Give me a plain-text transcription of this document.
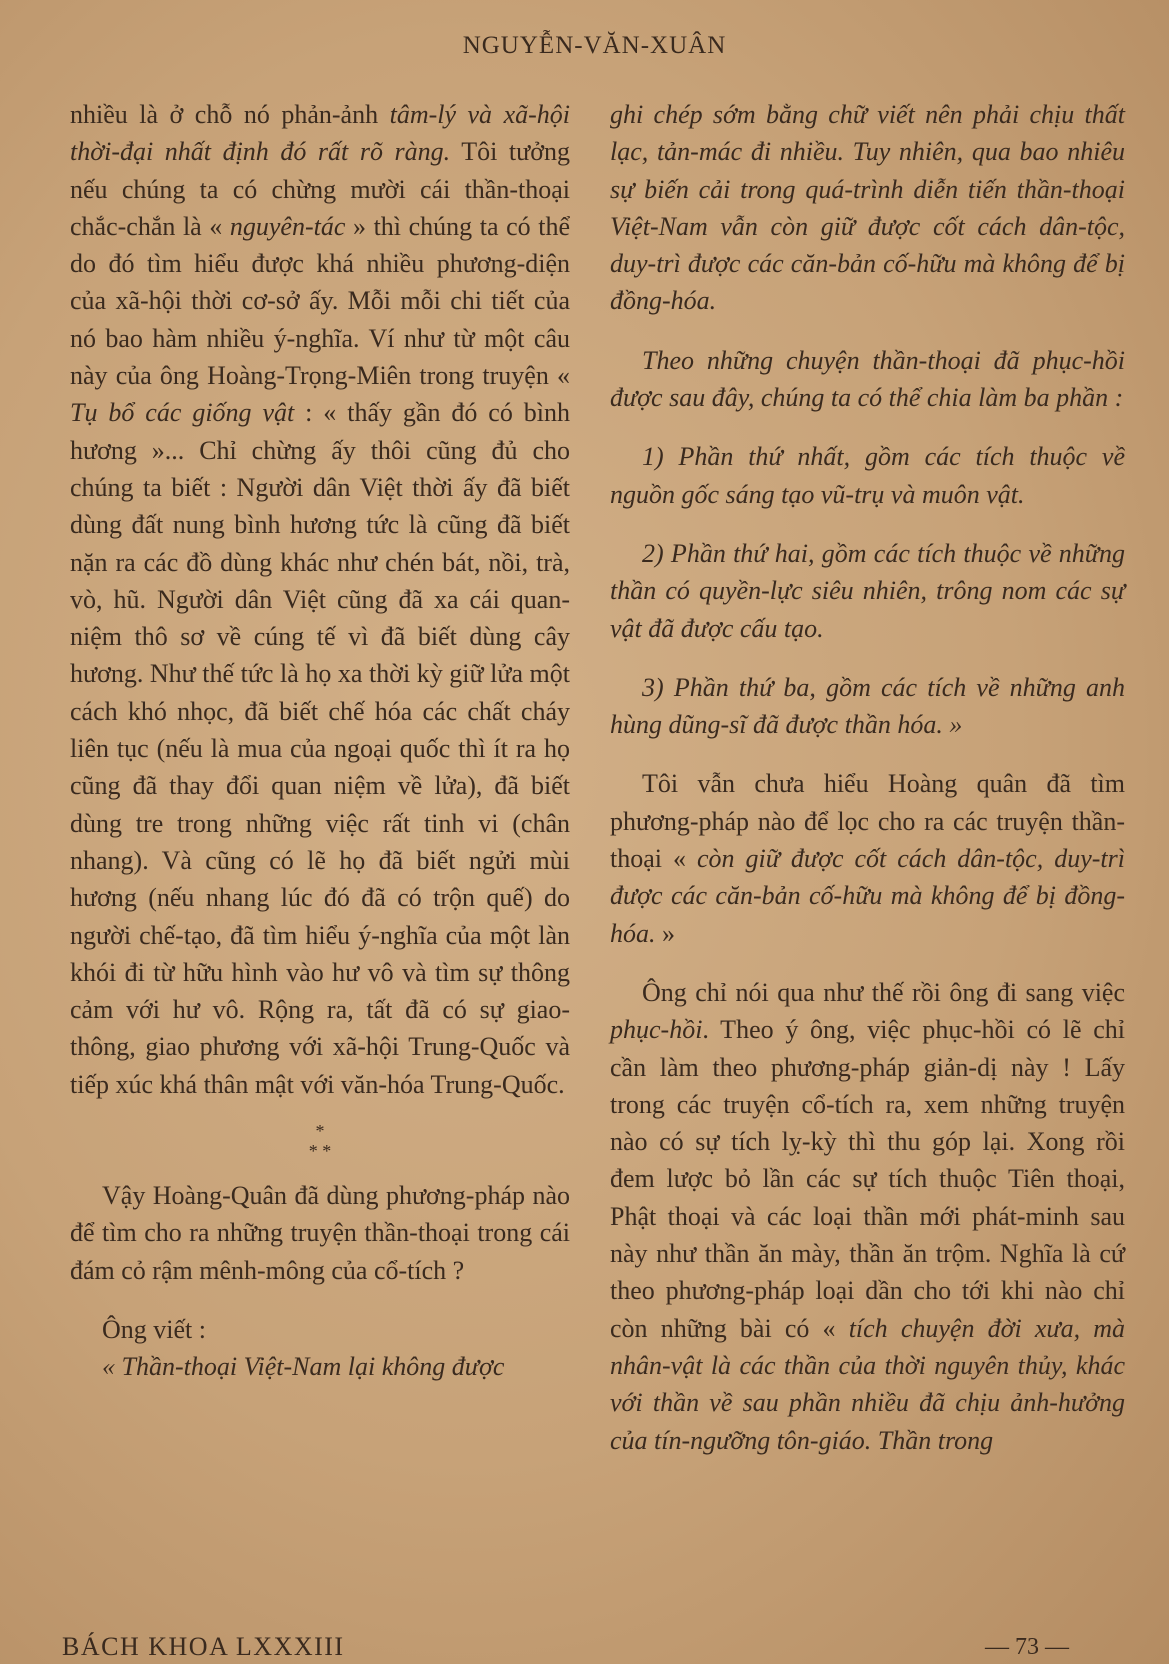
NGUYỄN-VĂN-XUÂN

nhiều là ở chỗ nó phản-ảnh tâm-lý và xã-hội thời-đại nhất định đó rất rõ ràng. Tôi tưởng nếu chúng ta có chừng mười cái thần-thoại chắc-chắn là « nguyên-tác » thì chúng ta có thể do đó tìm hiểu được khá nhiều phương-diện của xã-hội thời cơ-sở ấy. Mỗi mỗi chi tiết của nó bao hàm nhiều ý-nghĩa. Ví như từ một câu này của ông Hoàng-Trọng-Miên trong truyện « Tụ bổ các giống vật : « thấy gần đó có bình hương »... Chỉ chừng ấy thôi cũng đủ cho chúng ta biết : Người dân Việt thời ấy đã biết dùng đất nung bình hương tức là cũng đã biết nặn ra các đồ dùng khác như chén bát, nồi, trà, vò, hũ. Người dân Việt cũng đã xa cái quan-niệm thô sơ về cúng tế vì đã biết dùng cây hương. Như thế tức là họ xa thời kỳ giữ lửa một cách khó nhọc, đã biết chế hóa các chất cháy liên tục (nếu là mua của ngoại quốc thì ít ra họ cũng đã thay đổi quan niệm về lửa), đã biết dùng tre trong những việc rất tinh vi (chân nhang). Và cũng có lẽ họ đã biết ngửi mùi hương (nếu nhang lúc đó đã có trộn quế) do người chế-tạo, đã tìm hiểu ý-nghĩa của một làn khói đi từ hữu hình vào hư vô và tìm sự thông cảm với hư vô. Rộng ra, tất đã có sự giao-thông, giao phương với xã-hội Trung-Quốc và tiếp xúc khá thân mật với văn-hóa Trung-Quốc.

*
* *

Vậy Hoàng-Quân đã dùng phương-pháp nào để tìm cho ra những truyện thần-thoại trong cái đám cỏ rậm mênh-mông của cổ-tích ?

Ông viết :

« Thần-thoại Việt-Nam lại không được

ghi chép sớm bằng chữ viết nên phải chịu thất lạc, tản-mác đi nhiều. Tuy nhiên, qua bao nhiêu sự biến cải trong quá-trình diễn tiến thần-thoại Việt-Nam vẫn còn giữ được cốt cách dân-tộc, duy-trì được các căn-bản cố-hữu mà không để bị đồng-hóa.

Theo những chuyện thần-thoại đã phục-hồi được sau đây, chúng ta có thể chia làm ba phần :

1) Phần thứ nhất, gồm các tích thuộc về nguồn gốc sáng tạo vũ-trụ và muôn vật.

2) Phần thứ hai, gồm các tích thuộc về những thần có quyền-lực siêu nhiên, trông nom các sự vật đã được cấu tạo.

3) Phần thứ ba, gồm các tích về những anh hùng dũng-sĩ đã được thần hóa. »

Tôi vẫn chưa hiểu Hoàng quân đã tìm phương-pháp nào để lọc cho ra các truyện thần-thoại « còn giữ được cốt cách dân-tộc, duy-trì được các căn-bản cố-hữu mà không để bị đồng-hóa. »

Ông chỉ nói qua như thế rồi ông đi sang việc phục-hồi. Theo ý ông, việc phục-hồi có lẽ chỉ cần làm theo phương-pháp giản-dị này ! Lấy trong các truyện cổ-tích ra, xem những truyện nào có sự tích lỵ-kỳ thì thu góp lại. Xong rồi đem lược bỏ lần các sự tích thuộc Tiên thoại, Phật thoại và các loại thần mới phát-minh sau này như thần ăn mày, thần ăn trộm. Nghĩa là cứ theo phương-pháp loại dần cho tới khi nào chỉ còn những bài có « tích chuyện đời xưa, mà nhân-vật là các thần của thời nguyên thủy, khác với thần về sau phần nhiều đã chịu ảnh-hưởng của tín-ngưỡng tôn-giáo. Thần trong

BÁCH KHOA LXXXIII	— 73 —
